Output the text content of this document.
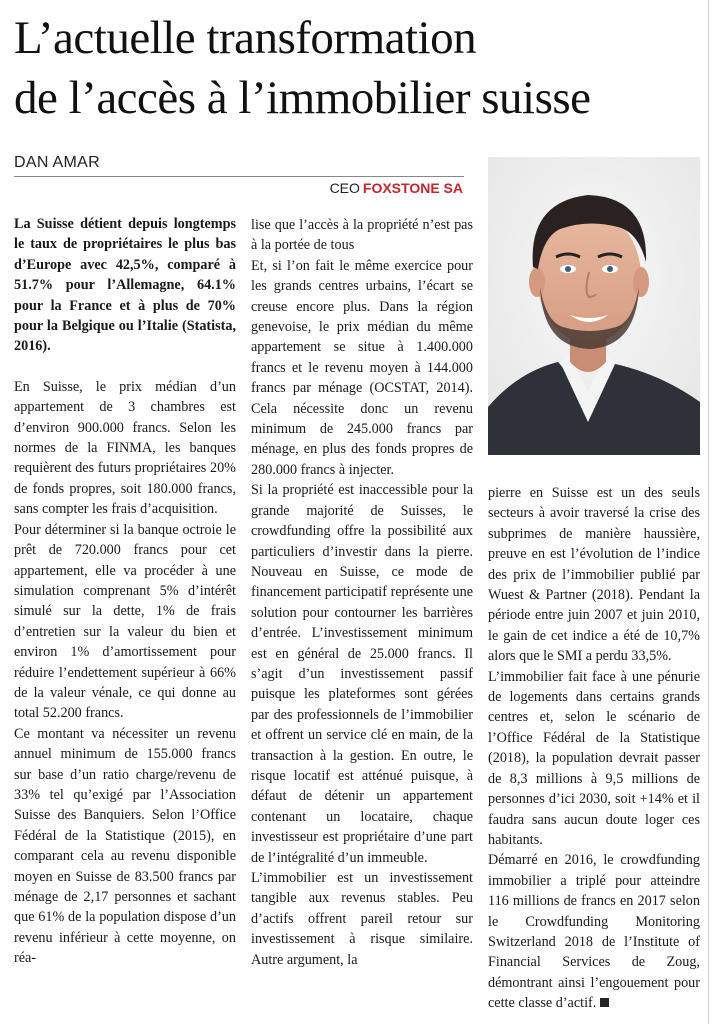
L’actuelle transformation
de l’accès à l’immobilier suisse
DAN AMAR
CEO FOXSTONE SA

La Suisse détient depuis longtemps le taux de propriétaires le plus bas d’Europe avec 42,5%, comparé à 51.7% pour l’Allemagne, 64.1% pour la France et à plus de 70% pour la Belgique ou l’Italie (Statista, 2016).

En Suisse, le prix médian d’un appartement de 3 chambres est d’environ 900.000 francs. Selon les normes de la FINMA, les banques requièrent des futurs propriétaires 20% de fonds propres, soit 180.000 francs, sans compter les frais d’acquisition.

Pour déterminer si la banque octroie le prêt de 720.000 francs pour cet appartement, elle va procéder à une simulation comprenant 5% d’intérêt simulé sur la dette, 1% de frais d’entretien sur la valeur du bien et environ 1% d’amortissement pour réduire l’endettement supérieur à 66% de la valeur vénale, ce qui donne au total 52.200 francs.

Ce montant va nécessiter un revenu annuel minimum de 155.000 francs sur base d’un ratio charge/revenu de 33% tel qu’exigé par l’Association Suisse des Banquiers. Selon l’Office Fédéral de la Statistique (2015), en comparant cela au revenu disponible moyen en Suisse de 83.500 francs par ménage de 2,17 personnes et sachant que 61% de la population dispose d’un revenu inférieur à cette moyenne, on réa-

lise que l’accès à la propriété n’est pas à la portée de tous

Et, si l’on fait le même exercice pour les grands centres urbains, l’écart se creuse encore plus. Dans la région genevoise, le prix médian du même appartement se situe à 1.400.000 francs et le revenu moyen à 144.000 francs par ménage (OCSTAT, 2014). Cela nécessite donc un revenu minimum de 245.000 francs par ménage, en plus des fonds propres de 280.000 francs à injecter.

Si la propriété est inaccessible pour la grande majorité de Suisses, le crowdfunding offre la possibilité aux particuliers d’investir dans la pierre. Nouveau en Suisse, ce mode de financement participatif représente une solution pour contourner les barrières d’entrée. L’investissement minimum est en général de 25.000 francs. Il s’agit d’un investissement passif puisque les plateformes sont gérées par des professionnels de l’immobilier et offrent un service clé en main, de la transaction à la gestion. En outre, le risque locatif est atténué puisque, à défaut de détenir un appartement contenant un locataire, chaque investisseur est propriétaire d’une part de l’intégralité d’un immeuble.

L’immobilier est un investissement tangible aux revenus stables. Peu d’actifs offrent pareil retour sur investissement à risque similaire. Autre argument, la

pierre en Suisse est un des seuls secteurs à avoir traversé la crise des subprimes de manière haussière, preuve en est l’évolution de l’indice des prix de l’immobilier publié par Wuest & Partner (2018). Pendant la période entre juin 2007 et juin 2010, le gain de cet indice a été de 10,7% alors que le SMI a perdu 33,5%.

L’immobilier fait face à une pénurie de logements dans certains grands centres et, selon le scénario de l’Office Fédéral de la Statistique (2018), la population devrait passer de 8,3 millions à 9,5 millions de personnes d’ici 2030, soit +14% et il faudra sans aucun doute loger ces habitants.

Démarré en 2016, le crowdfunding immobilier a triplé pour atteindre 116 millions de francs en 2017 selon le Crowdfunding Monitoring Switzerland 2018 de l’Institute of Financial Services de Zoug, démontrant ainsi l’engouement pour cette classe d’actif.
